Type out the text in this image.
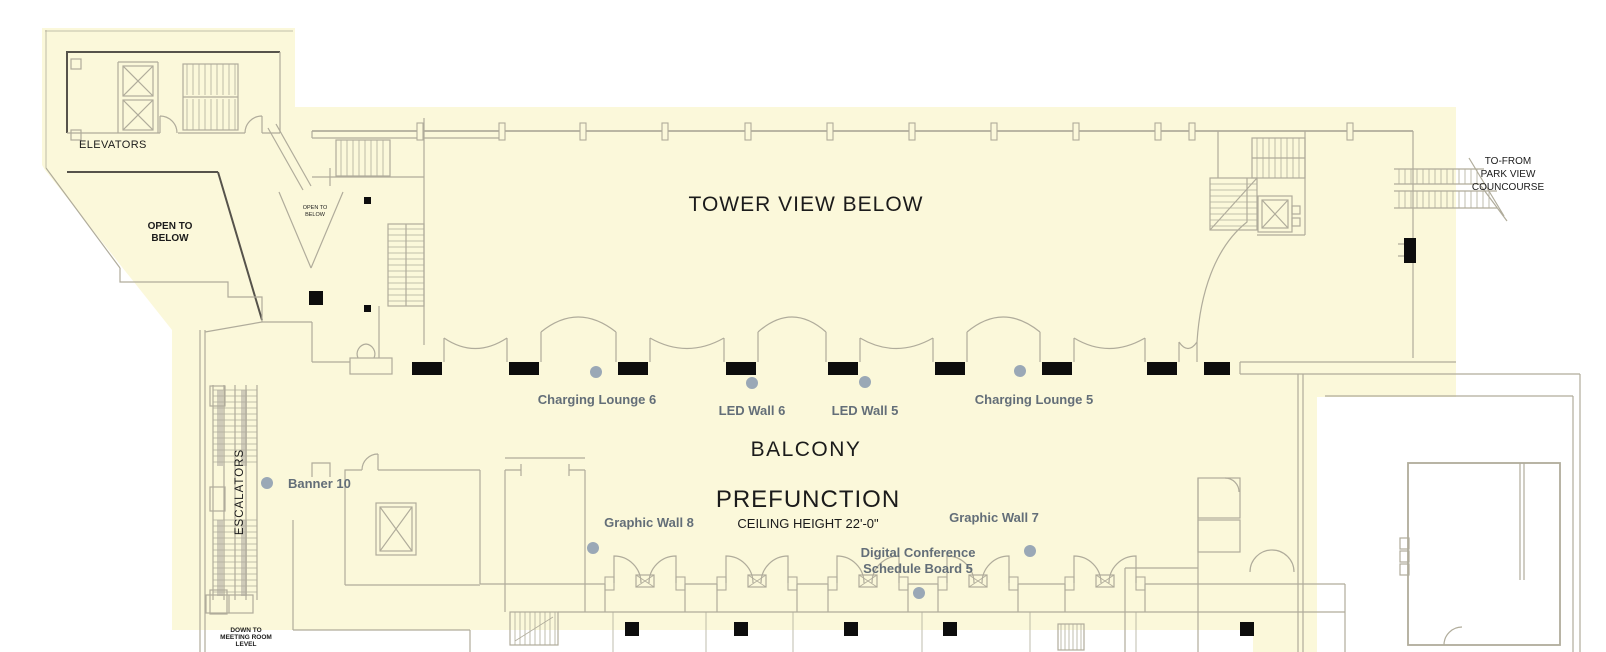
ELEVATORS
OPEN TO
BELOW
OPEN TO
BELOW	TOWER VIEW BELOW
BALCONY
PREFUNCTION
CEILING HEIGHT 22'-0"
ESCALATORS
TO-FROM
PARK VIEW
COUNCOURSE
DOWN TO
MEETING ROOM
LEVEL
Banner 10
Charging Lounge 6
LED Wall 6	LED Wall 5
Charging Lounge 5
Graphic Wall 8	Graphic Wall 7
Digital Conference
Schedule Board 5
